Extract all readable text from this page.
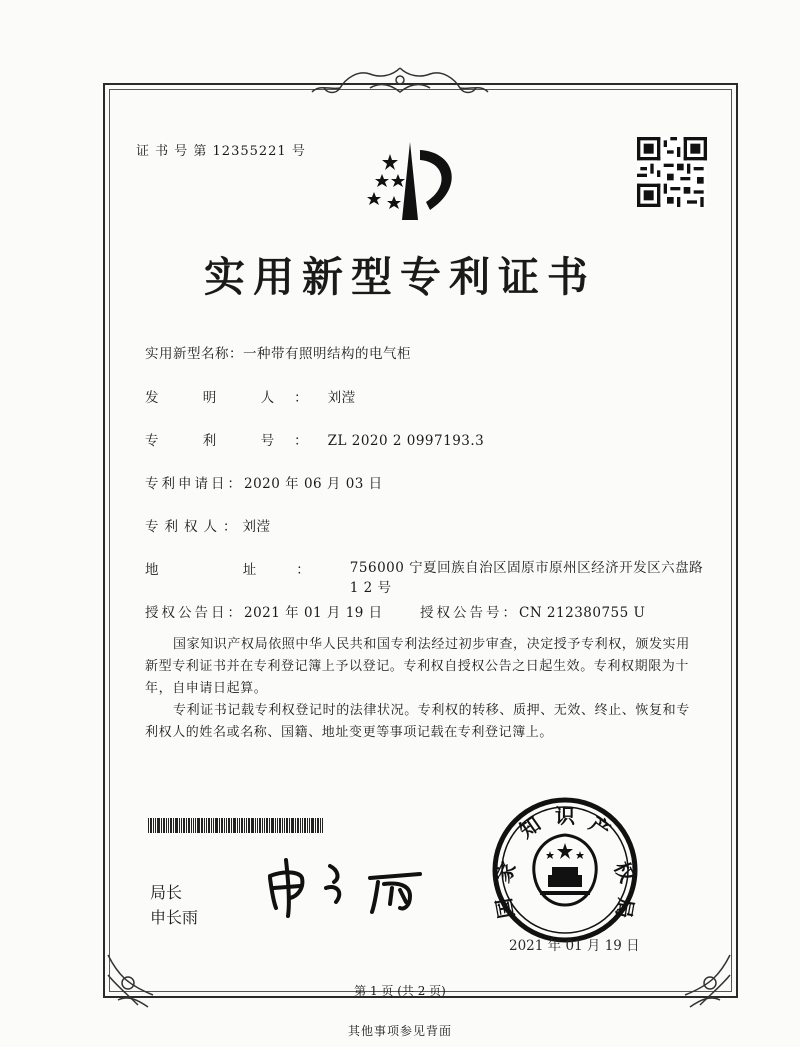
证 书 号 第 12355221 号
实用新型专利证书
实用新型名称：一种带有照明结构的电气柜
发 明 人：刘滢
专 利 号：ZL 2020 2 0997193.3
专利申请日：2020 年 06 月 03 日
专利权人：刘滢
地 址：756000 宁夏回族自治区固原市原州区经济开发区六盘路 1 2 号
授权公告日：2021 年 01 月 19 日	授权公告号：CN 212380755 U
国家知识产权局依照中华人民共和国专利法经过初步审查，决定授予专利权，颁发实用新型专利证书并在专利登记簿上予以登记。专利权自授权公告之日起生效。专利权期限为十年，自申请日起算。
专利证书记载专利权登记时的法律状况。专利权的转移、质押、无效、终止、恢复和专利权人的姓名或名称、国籍、地址变更等事项记载在专利登记簿上。
局长
申长雨
家
国
知 识 产
权
局
2021 年 01 月 19 日
第 1 页 (共 2 页)
其他事项参见背面
